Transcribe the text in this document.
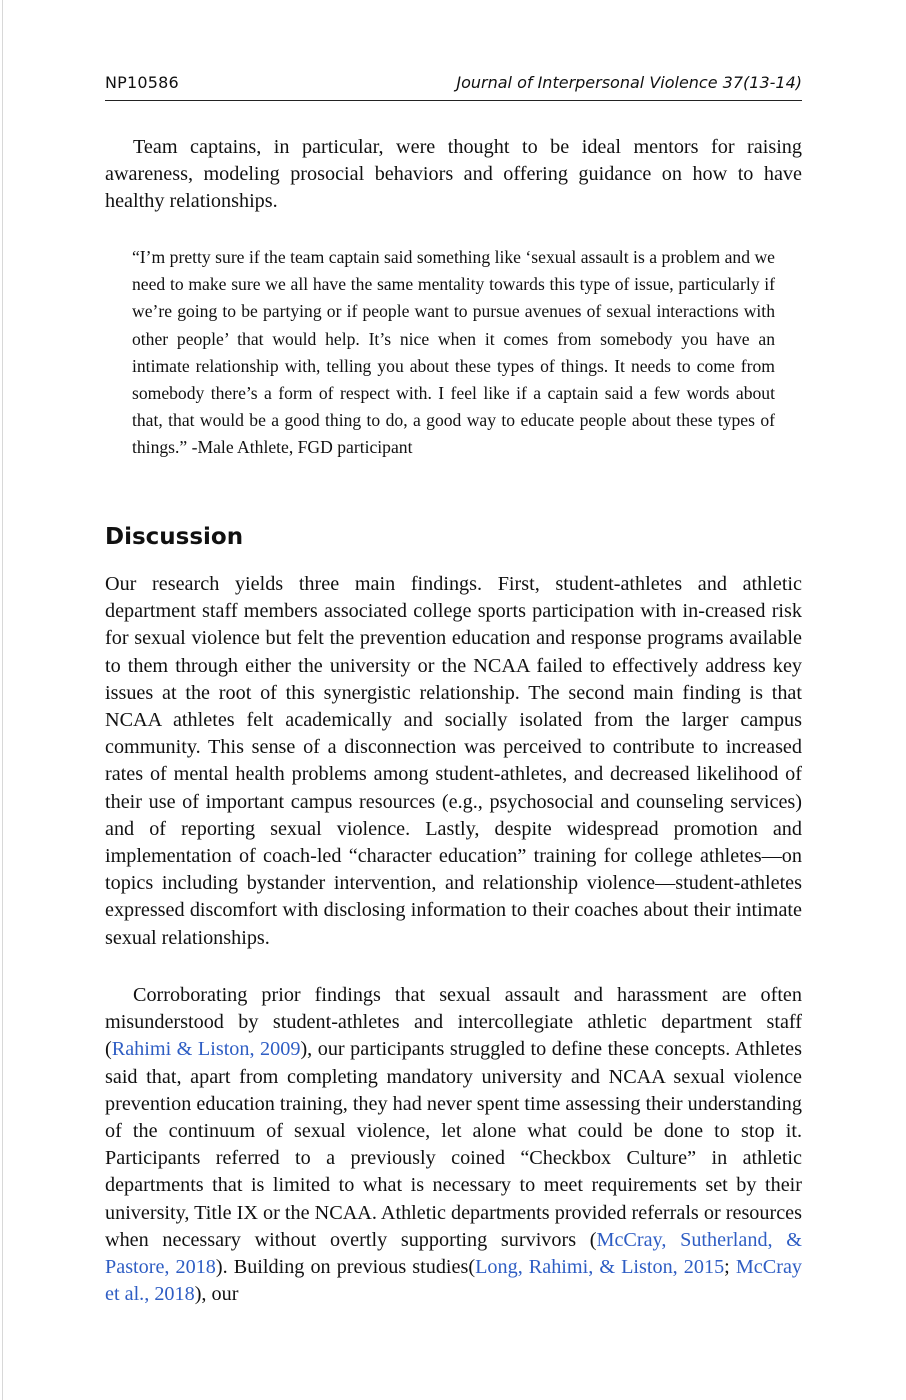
NP10586	Journal of Interpersonal Violence 37(13-14)

Team captains, in particular, were thought to be ideal mentors for raising awareness, modeling prosocial behaviors and offering guidance on how to have healthy relationships.

“I’m pretty sure if the team captain said something like ‘sexual assault is a problem and we need to make sure we all have the same mentality towards this type of issue, particularly if we’re going to be partying or if people want to pursue avenues of sexual interactions with other people’ that would help. It’s nice when it comes from somebody you have an intimate relationship with, telling you about these types of things. It needs to come from somebody there’s a form of respect with. I feel like if a captain said a few words about that, that would be a good thing to do, a good way to educate people about these types of things.” -Male Athlete, FGD participant

Discussion

Our research yields three main findings. First, student-athletes and athletic department staff members associated college sports participation with in-creased risk for sexual violence but felt the prevention education and response programs available to them through either the university or the NCAA failed to effectively address key issues at the root of this synergistic relationship. The second main finding is that NCAA athletes felt academically and socially isolated from the larger campus community. This sense of a disconnection was perceived to contribute to increased rates of mental health problems among student-athletes, and decreased likelihood of their use of important campus resources (e.g., psychosocial and counseling services) and of reporting sexual violence. Lastly, despite widespread promotion and implementation of coach-led “character education” training for college athletes—on topics including bystander intervention, and relationship violence—student-athletes expressed discomfort with disclosing information to their coaches about their intimate sexual relationships.

Corroborating prior findings that sexual assault and harassment are often misunderstood by student-athletes and intercollegiate athletic department staff (Rahimi & Liston, 2009), our participants struggled to define these concepts. Athletes said that, apart from completing mandatory university and NCAA sexual violence prevention education training, they had never spent time assessing their understanding of the continuum of sexual violence, let alone what could be done to stop it. Participants referred to a previously coined “Checkbox Culture” in athletic departments that is limited to what is necessary to meet requirements set by their university, Title IX or the NCAA. Athletic departments provided referrals or resources when necessary without overtly supporting survivors (McCray, Sutherland, & Pastore, 2018). Building on previous studies(Long, Rahimi, & Liston, 2015; McCray et al., 2018), our
